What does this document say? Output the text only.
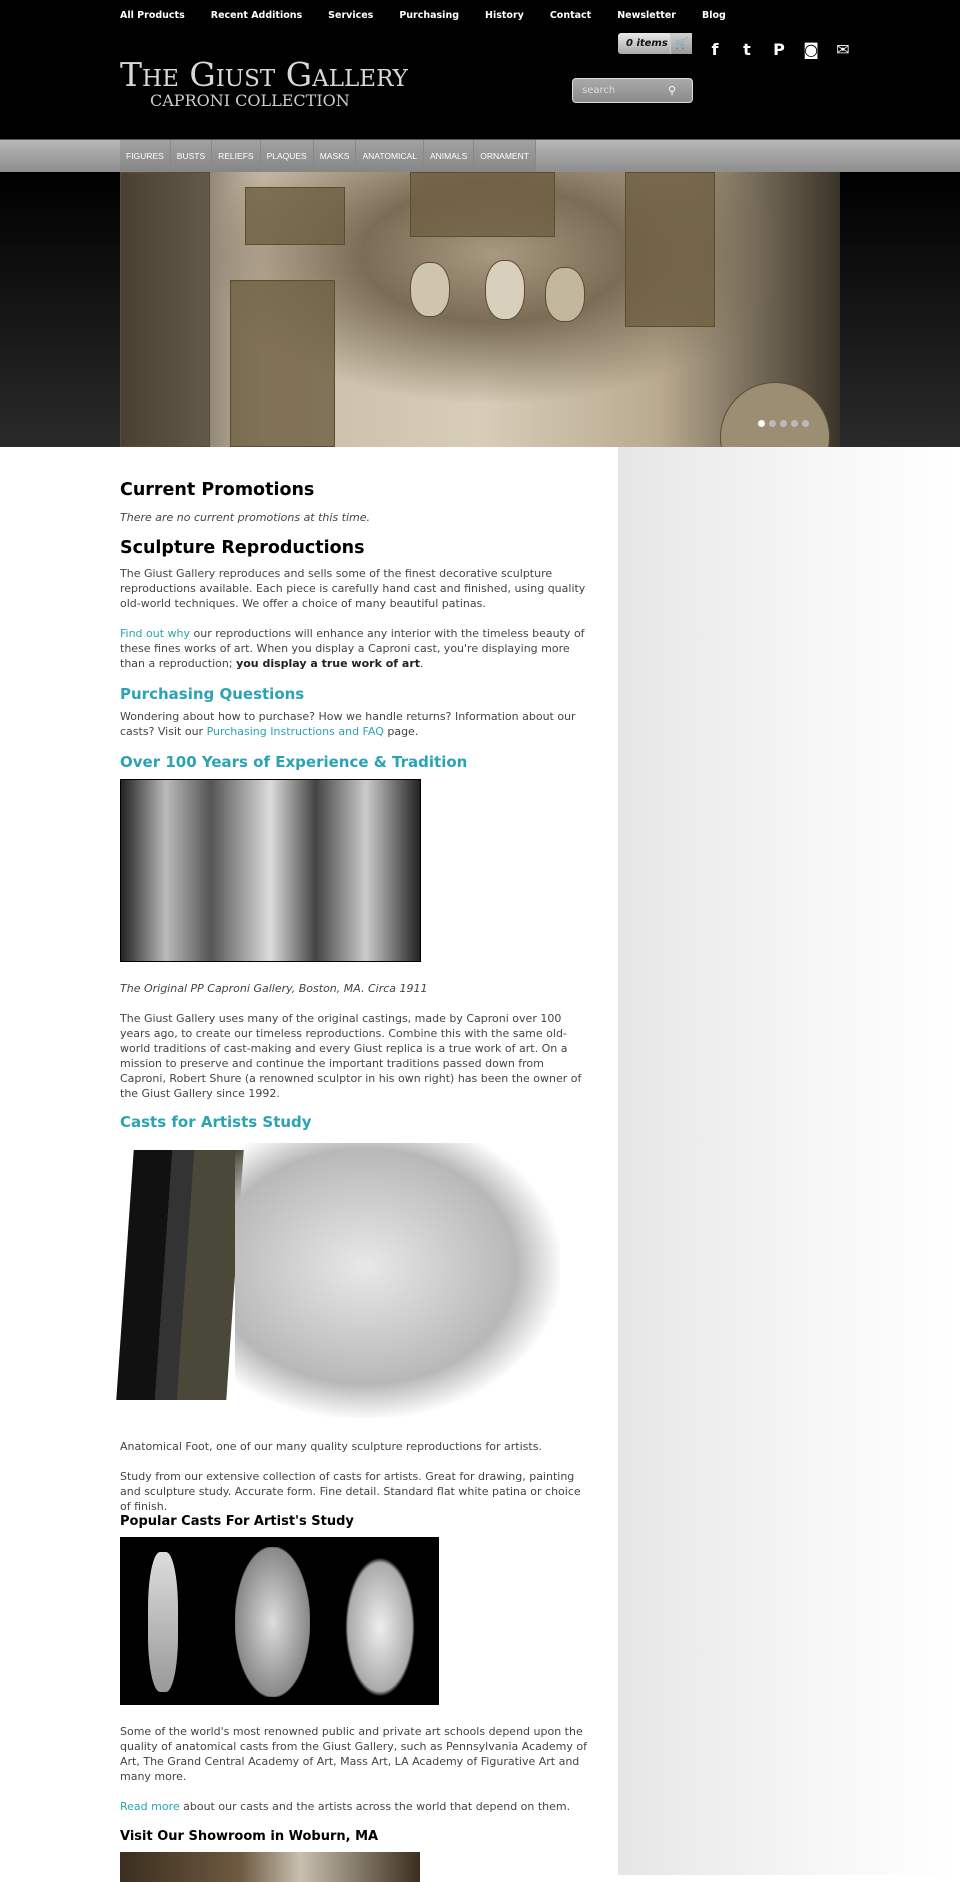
All Products	Recent Additions	Services	Purchasing	History	Contact	Newsletter	Blog
The Giust Gallery
CAPRONI COLLECTION
0 items 🛒	f	t	P ◙ ✉
search
⚲
FIGURES	BUSTS	RELIEFS	PLAQUES	MASKS	ANATOMICAL	ANIMALS	ORNAMENT
Current Promotions

There are no current promotions at this time.

Sculpture Reproductions

The Giust Gallery reproduces and sells some of the finest decorative sculpture reproductions available. Each piece is carefully hand cast and finished, using quality old-world techniques. We offer a choice of many beautiful patinas.

Find out why our reproductions will enhance any interior with the timeless beauty of these fines works of art. When you display a Caproni cast, you're displaying more than a reproduction; you display a true work of art.

Purchasing Questions

Wondering about how to purchase? How we handle returns? Information about our casts? Visit our Purchasing Instructions and FAQ page.

Over 100 Years of Experience & Tradition

The Original PP Caproni Gallery, Boston, MA. Circa 1911

The Giust Gallery uses many of the original castings, made by Caproni over 100 years ago, to create our timeless reproductions. Combine this with the same old-world traditions of cast-making and every Giust replica is a true work of art. On a mission to preserve and continue the important traditions passed down from Caproni, Robert Shure (a renowned sculptor in his own right) has been the owner of the Giust Gallery since 1992.

Casts for Artists Study

Anatomical Foot, one of our many quality sculpture reproductions for artists.

Study from our extensive collection of casts for artists. Great for drawing, painting and sculpture study. Accurate form. Fine detail. Standard flat white patina or choice of finish.

Popular Casts For Artist's Study

Some of the world's most renowned public and private art schools depend upon the quality of anatomical casts from the Giust Gallery, such as Pennsylvania Academy of Art, The Grand Central Academy of Art, Mass Art, LA Academy of Figurative Art and many more.

Read more about our casts and the artists across the world that depend on them.

Visit Our Showroom in Woburn, MA
